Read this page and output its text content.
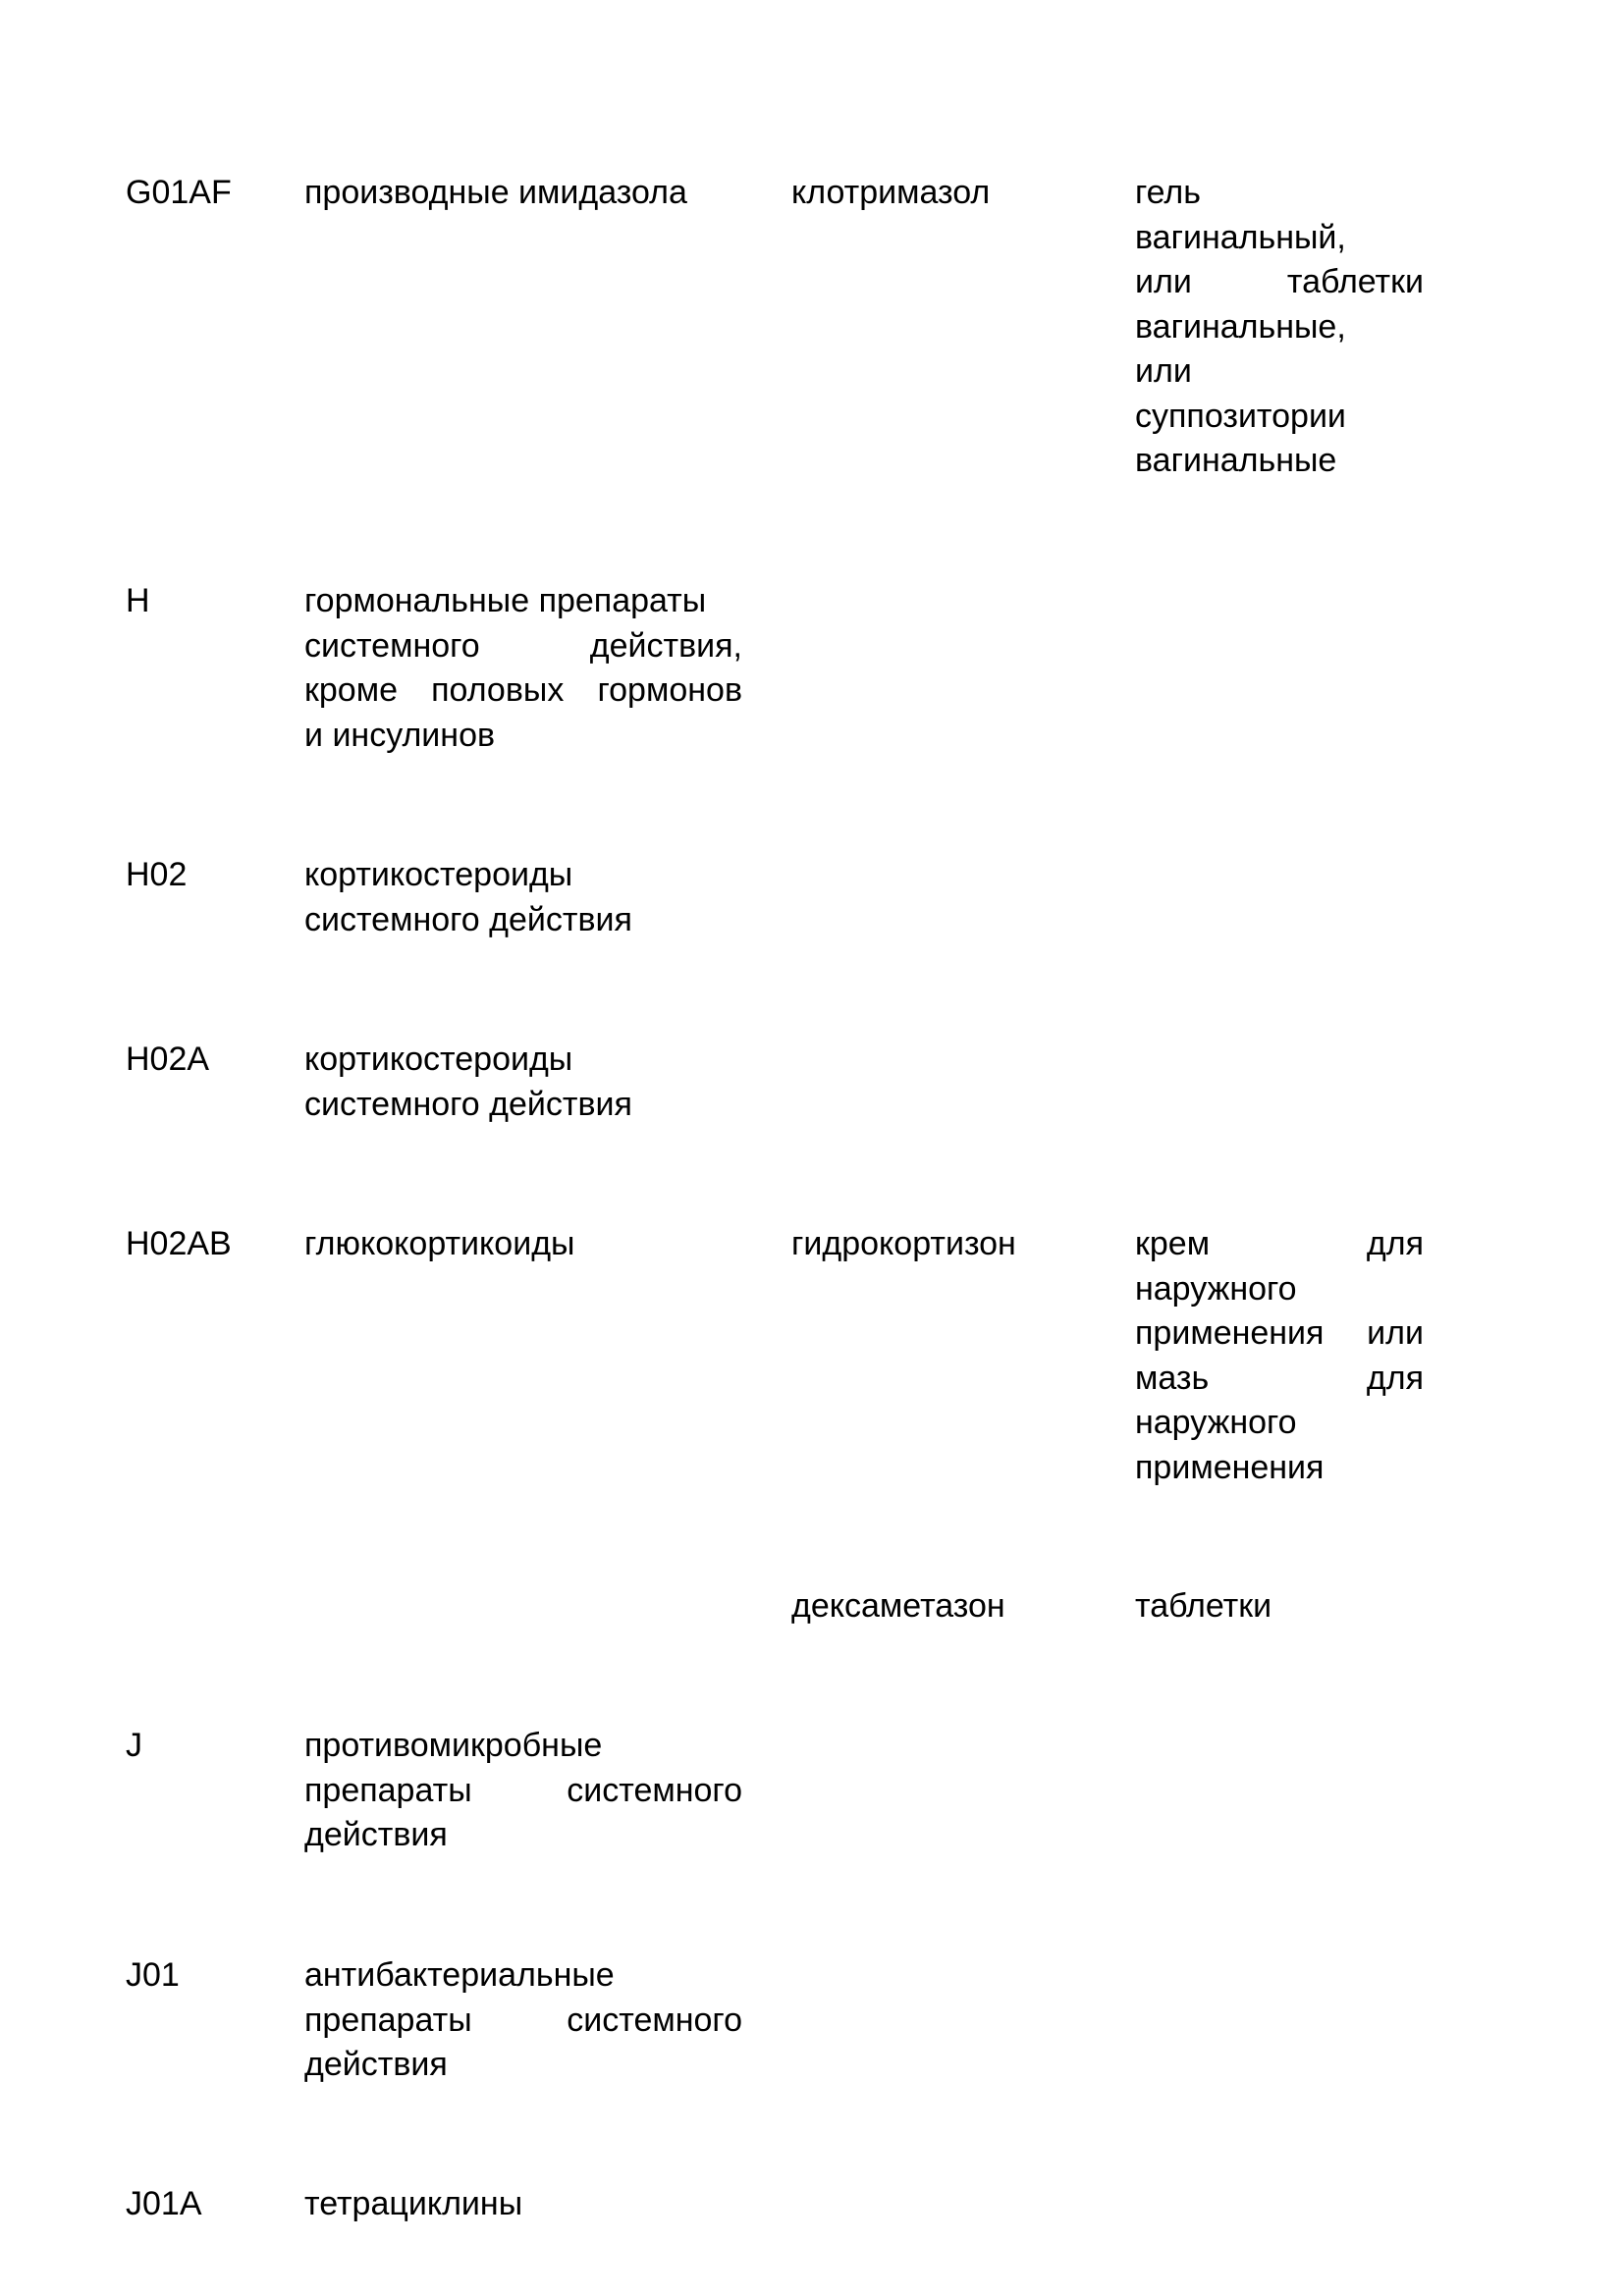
G01AF	производные имидазола	клотримазол	гель
вагинальный,
или таблетки
вагинальные,
или
суппозитории
вагинальные
H	гормональные препараты
системного действия,
кроме половых гормонов
и инсулинов
H02	кортикостероиды
системного действия
H02A	кортикостероиды
системного действия
H02AB	глюкокортикоиды	гидрокортизон	крем для
наружного
применения или
мазь для
наружного
применения
дексаметазон	таблетки
J	противомикробные
препараты системного
действия
J01	антибактериальные
препараты системного
действия
J01A	тетрациклины
